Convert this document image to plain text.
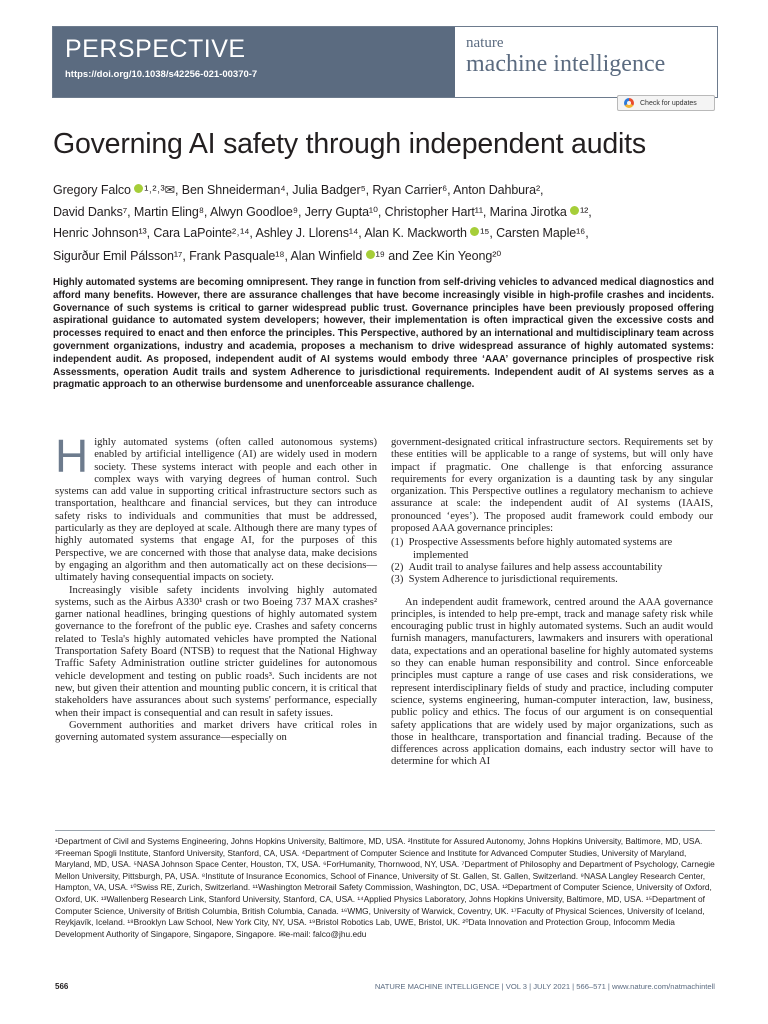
PERSPECTIVE
https://doi.org/10.1038/s42256-021-00370-7
nature
machine intelligence
Check for updates
Governing AI safety through independent audits
Gregory Falco ¹˒²˒³✉, Ben Shneiderman⁴, Julia Badger⁵, Ryan Carrier⁶, Anton Dahbura²,
David Danks⁷, Martin Eling⁸, Alwyn Goodloe⁹, Jerry Gupta¹⁰, Christopher Hart¹¹, Marina Jirotka ¹²,
Henric Johnson¹³, Cara LaPointe²˒¹⁴, Ashley J. Llorens¹⁴, Alan K. Mackworth ¹⁵, Carsten Maple¹⁶,
Sigurður Emil Pálsson¹⁷, Frank Pasquale¹⁸, Alan Winfield ¹⁹ and Zee Kin Yeong²⁰
Highly automated systems are becoming omnipresent. They range in function from self-driving vehicles to advanced medical diagnostics and afford many benefits. However, there are assurance challenges that have become increasingly visible in high-profile crashes and incidents. Governance of such systems is critical to garner widespread public trust. Governance principles have been previously proposed offering aspirational guidance to automated system developers; however, their implementation is often impractical given the excessive costs and processes required to enact and then enforce the principles. This Perspective, authored by an international and multidisciplinary team across government organizations, industry and academia, proposes a mechanism to drive widespread assurance of highly automated systems: independent audit. As proposed, independent audit of AI systems would embody three ‘AAA’ governance principles of prospective risk Assessments, operation Audit trails and system Adherence to jurisdictional requirements. Independent audit of AI systems serves as a pragmatic approach to an otherwise burdensome and unenforceable assurance challenge.

Highly automated systems (often called autonomous systems) enabled by artificial intelligence (AI) are widely used in modern society. These systems interact with people and each other in complex ways with varying degrees of human control. Such systems can add value in supporting critical infrastructure sectors such as transportation, healthcare and financial services, but they can introduce safety risks to individuals and communities that must be addressed, particularly as they are deployed at scale. Although there are many types of highly automated systems that engage AI, for the purposes of this Perspective, we are concerned with those that analyse data, make decisions by engaging an algorithm and then automatically act on these decisions—ultimately having consequential impacts on society.

Increasingly visible safety incidents involving highly automated systems, such as the Airbus A330¹ crash or two Boeing 737 MAX crashes² garner national headlines, bringing questions of highly automated system governance to the forefront of the public eye. Crashes and safety concerns related to Tesla's highly automated vehicles have prompted the National Transportation Safety Board (NTSB) to request that the National Highway Traffic Safety Administration outline stricter guidelines for autonomous vehicle development and testing on public roads³. Such incidents are not new, but given their attention and mounting public concern, it is critical that stakeholders have assurances about such systems' performance, especially when their impact is consequential and can result in safety issues.

Government authorities and market drivers have critical roles in governing automated system assurance—especially on

government-designated critical infrastructure sectors. Requirements set by these entities will be applicable to a range of systems, but will only have impact if pragmatic. One challenge is that enforcing assurance requirements for every organization is a daunting task by any singular organization. This Perspective outlines a regulatory mechanism to achieve assurance at scale: the independent audit of AI systems (IAAIS, pronounced ‘eyes’). The proposed audit framework could embody our proposed AAA governance principles:

(1)  Prospective Assessments before highly automated systems are implemented
(2)  Audit trail to analyse failures and help assess accountability
(3)  System Adherence to jurisdictional requirements.

An independent audit framework, centred around the AAA governance principles, is intended to help pre-empt, track and manage safety risk while encouraging public trust in highly automated systems. Such an audit would furnish managers, manufacturers, lawmakers and insurers with operational data, expectations and an operational baseline for highly automated systems so they can enable human responsibility and control. Since enforceable principles must capture a range of use cases and risk considerations, we represent interdisciplinary fields of study and practice, including computer science, systems engineering, human-computer interaction, law, business, public policy and ethics. The focus of our argument is on consequential safety applications that are widely used by major organizations, such as those in healthcare, transportation and financial trading. Because of the differences across application domains, each industry sector will have to determine for which AI

¹Department of Civil and Systems Engineering, Johns Hopkins University, Baltimore, MD, USA. ²Institute for Assured Autonomy, Johns Hopkins University, Baltimore, MD, USA. ³Freeman Spogli Institute, Stanford University, Stanford, CA, USA. ⁴Department of Computer Science and Institute for Advanced Computer Studies, University of Maryland, Maryland, MD, USA. ⁵NASA Johnson Space Center, Houston, TX, USA. ⁶ForHumanity, Thornwood, NY, USA. ⁷Department of Philosophy and Department of Psychology, Carnegie Mellon University, Pittsburgh, PA, USA. ⁸Institute of Insurance Economics, School of Finance, University of St. Gallen, St. Gallen, Switzerland. ⁹NASA Langley Research Center, Hampton, VA, USA. ¹⁰Swiss RE, Zurich, Switzerland. ¹¹Washington Metrorail Safety Commission, Washington, DC, USA. ¹²Department of Computer Science, University of Oxford, Oxford, UK. ¹³Wallenberg Research Link, Stanford University, Stanford, CA, USA. ¹⁴Applied Physics Laboratory, Johns Hopkins University, Baltimore, MD, USA. ¹⁵Department of Computer Science, University of British Columbia, British Columbia, Canada. ¹⁶WMG, University of Warwick, Coventry, UK. ¹⁷Faculty of Physical Sciences, University of Iceland, Reykjavík, Iceland. ¹⁸Brooklyn Law School, New York City, NY, USA. ¹⁹Bristol Robotics Lab, UWE, Bristol, UK. ²⁰Data Innovation and Protection Group, Infocomm Media Development Authority of Singapore, Singapore, Singapore. ✉e-mail: falco@jhu.edu
566	NATURE MACHINE INTELLIGENCE | VOL 3 | JULY 2021 | 566–571 | www.nature.com/natmachintell
